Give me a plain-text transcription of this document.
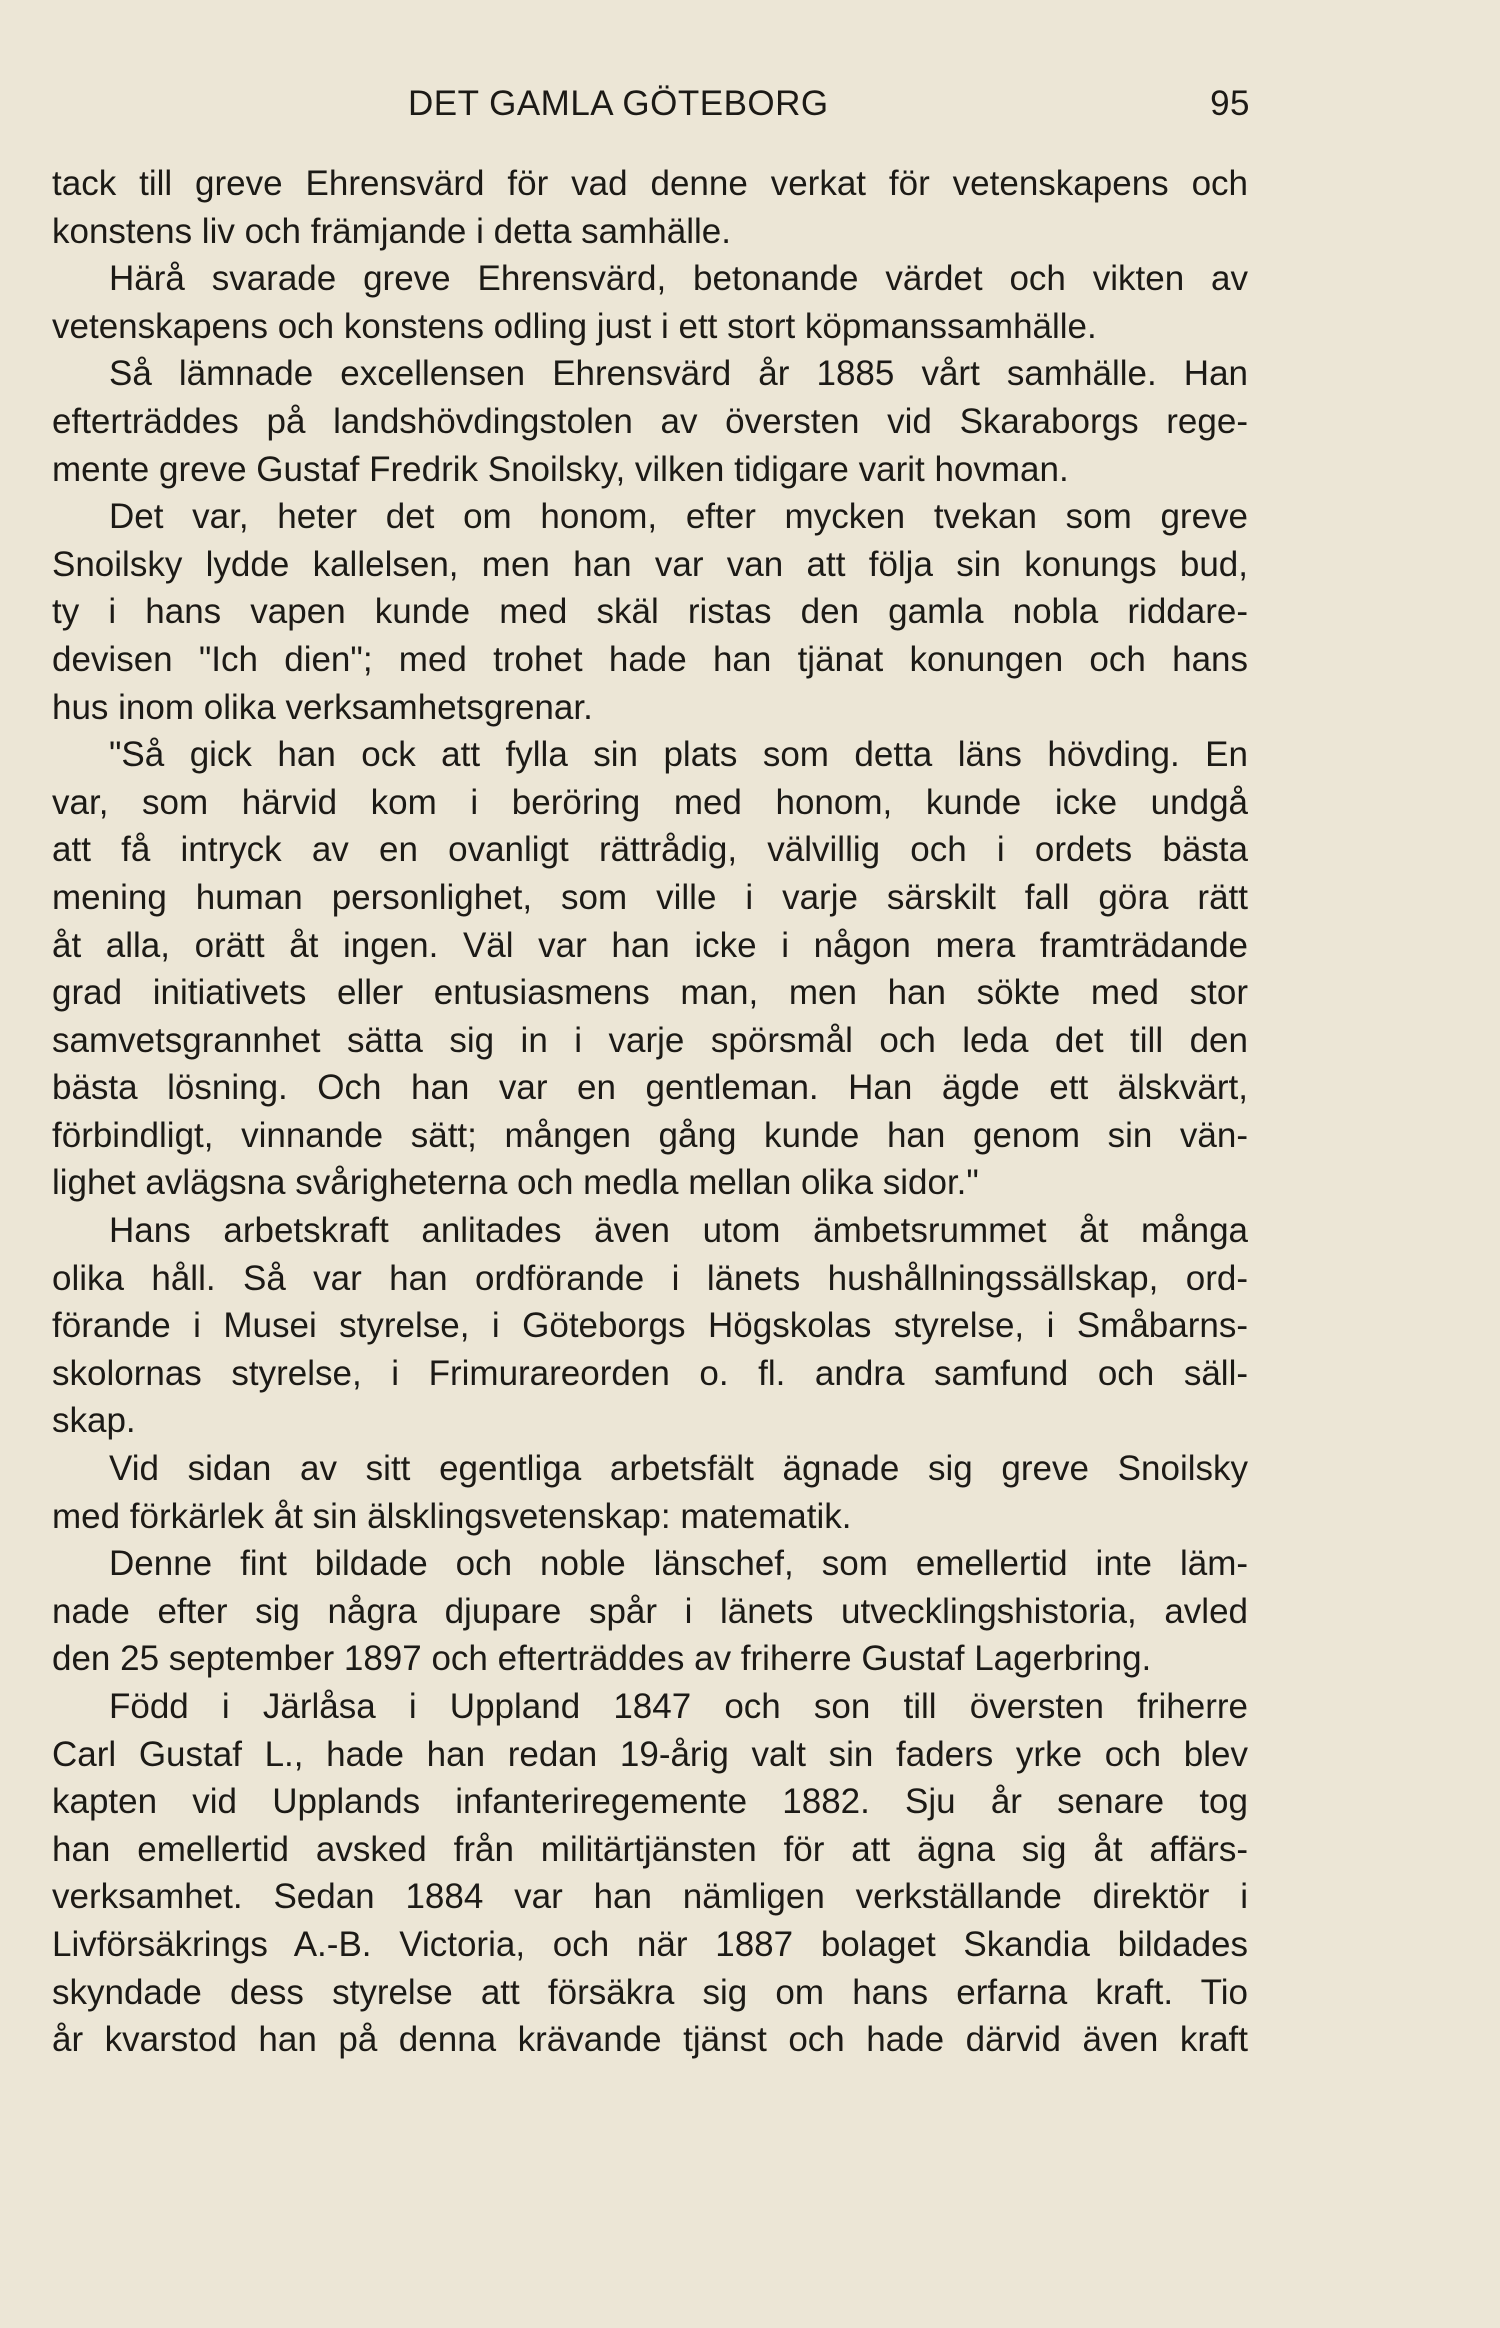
DET GAMLA GÖTEBORG	95
tack till greve Ehrensvärd för vad denne verkat för vetenskapens och
konstens liv och främjande i detta samhälle.
Härå svarade greve Ehrensvärd, betonande värdet och vikten av
vetenskapens och konstens odling just i ett stort köpmanssamhälle.
Så lämnade excellensen Ehrensvärd år 1885 vårt samhälle. Han
efterträddes på landshövdingstolen av översten vid Skaraborgs rege-
mente greve Gustaf Fredrik Snoilsky, vilken tidigare varit hovman.
Det var, heter det om honom, efter mycken tvekan som greve
Snoilsky lydde kallelsen, men han var van att följa sin konungs bud,
ty i hans vapen kunde med skäl ristas den gamla nobla riddare-
devisen "Ich dien"; med trohet hade han tjänat konungen och hans
hus inom olika verksamhetsgrenar.
"Så gick han ock att fylla sin plats som detta läns hövding. En
var, som härvid kom i beröring med honom, kunde icke undgå
att få intryck av en ovanligt rättrådig, välvillig och i ordets bästa
mening human personlighet, som ville i varje särskilt fall göra rätt
åt alla, orätt åt ingen. Väl var han icke i någon mera framträdande
grad initiativets eller entusiasmens man, men han sökte med stor
samvetsgrannhet sätta sig in i varje spörsmål och leda det till den
bästa lösning. Och han var en gentleman. Han ägde ett älskvärt,
förbindligt, vinnande sätt; mången gång kunde han genom sin vän-
lighet avlägsna svårigheterna och medla mellan olika sidor."
Hans arbetskraft anlitades även utom ämbetsrummet åt många
olika håll. Så var han ordförande i länets hushållningssällskap, ord-
förande i Musei styrelse, i Göteborgs Högskolas styrelse, i Småbarns-
skolornas styrelse, i Frimurareorden o. fl. andra samfund och säll-
skap.
Vid sidan av sitt egentliga arbetsfält ägnade sig greve Snoilsky
med förkärlek åt sin älsklingsvetenskap: matematik.
Denne fint bildade och noble länschef, som emellertid inte läm-
nade efter sig några djupare spår i länets utvecklingshistoria, avled
den 25 september 1897 och efterträddes av friherre Gustaf Lagerbring.
Född i Järlåsa i Uppland 1847 och son till översten friherre
Carl Gustaf L., hade han redan 19-årig valt sin faders yrke och blev
kapten vid Upplands infanteriregemente 1882. Sju år senare tog
han emellertid avsked från militärtjänsten för att ägna sig åt affärs-
verksamhet. Sedan 1884 var han nämligen verkställande direktör i
Livförsäkrings A.-B. Victoria, och när 1887 bolaget Skandia bildades
skyndade dess styrelse att försäkra sig om hans erfarna kraft. Tio
år kvarstod han på denna krävande tjänst och hade därvid även kraft
